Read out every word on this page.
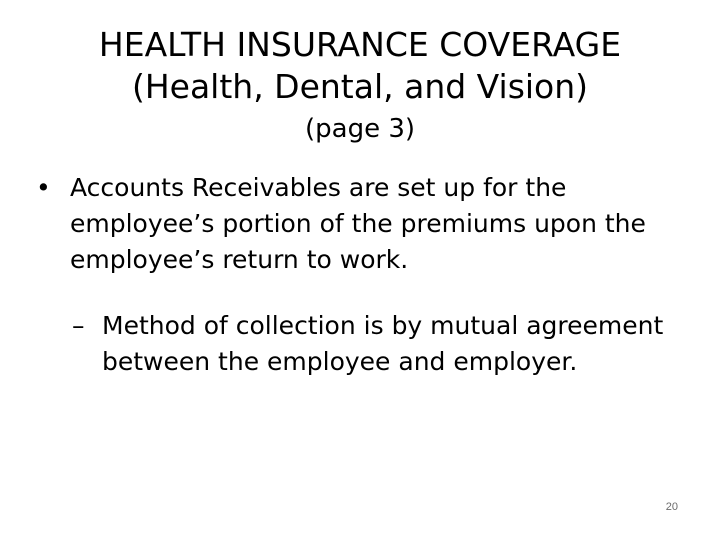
HEALTH INSURANCE COVERAGE
(Health, Dental, and Vision)
(page 3)
• Accounts Receivables are set up for the employee’s portion of the premiums upon the employee’s return to work.
– Method of collection is by mutual agreement between the employee and employer.
20
